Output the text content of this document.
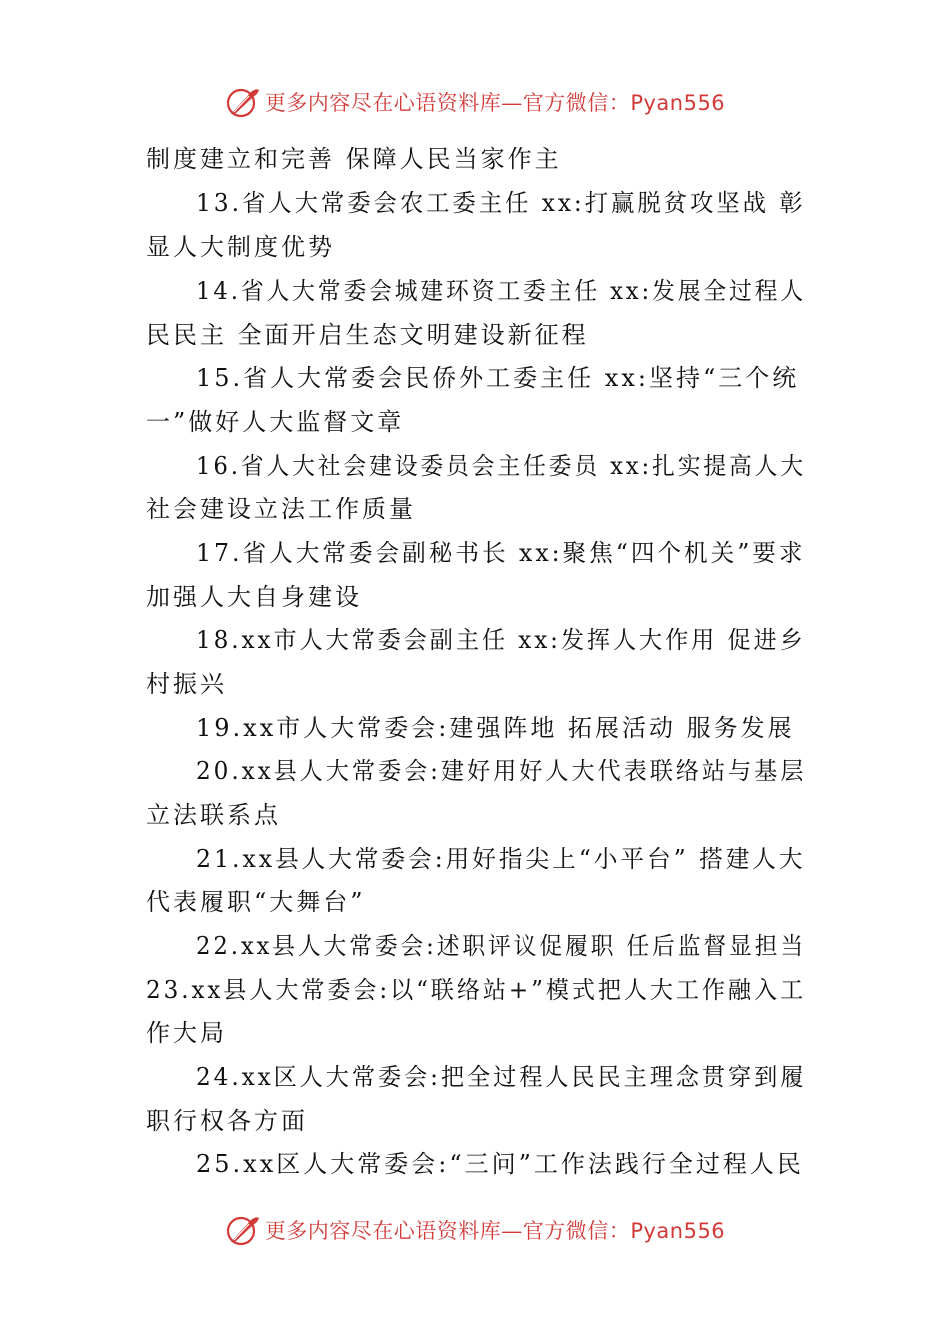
更多内容尽在心语资料库—官方微信：Pyan556
制度建立和完善 保障人民当家作主
13.省人大常委会农工委主任 xx:打赢脱贫攻坚战 彰
显人大制度优势
14.省人大常委会城建环资工委主任 xx:发展全过程人
民民主 全面开启生态文明建设新征程
15.省人大常委会民侨外工委主任 xx:坚持“三个统
一”做好人大监督文章
16.省人大社会建设委员会主任委员 xx:扎实提高人大
社会建设立法工作质量
17.省人大常委会副秘书长 xx:聚焦“四个机关”要求
加强人大自身建设
18.xx市人大常委会副主任 xx:发挥人大作用 促进乡
村振兴
19.xx市人大常委会:建强阵地 拓展活动 服务发展
20.xx县人大常委会:建好用好人大代表联络站与基层
立法联系点
21.xx县人大常委会:用好指尖上“小平台” 搭建人大
代表履职“大舞台”
22.xx县人大常委会:述职评议促履职 任后监督显担当
23.xx县人大常委会:以“联络站+”模式把人大工作融入工
作大局
24.xx区人大常委会:把全过程人民民主理念贯穿到履
职行权各方面
25.xx区人大常委会:“三问”工作法践行全过程人民
更多内容尽在心语资料库—官方微信：Pyan556
